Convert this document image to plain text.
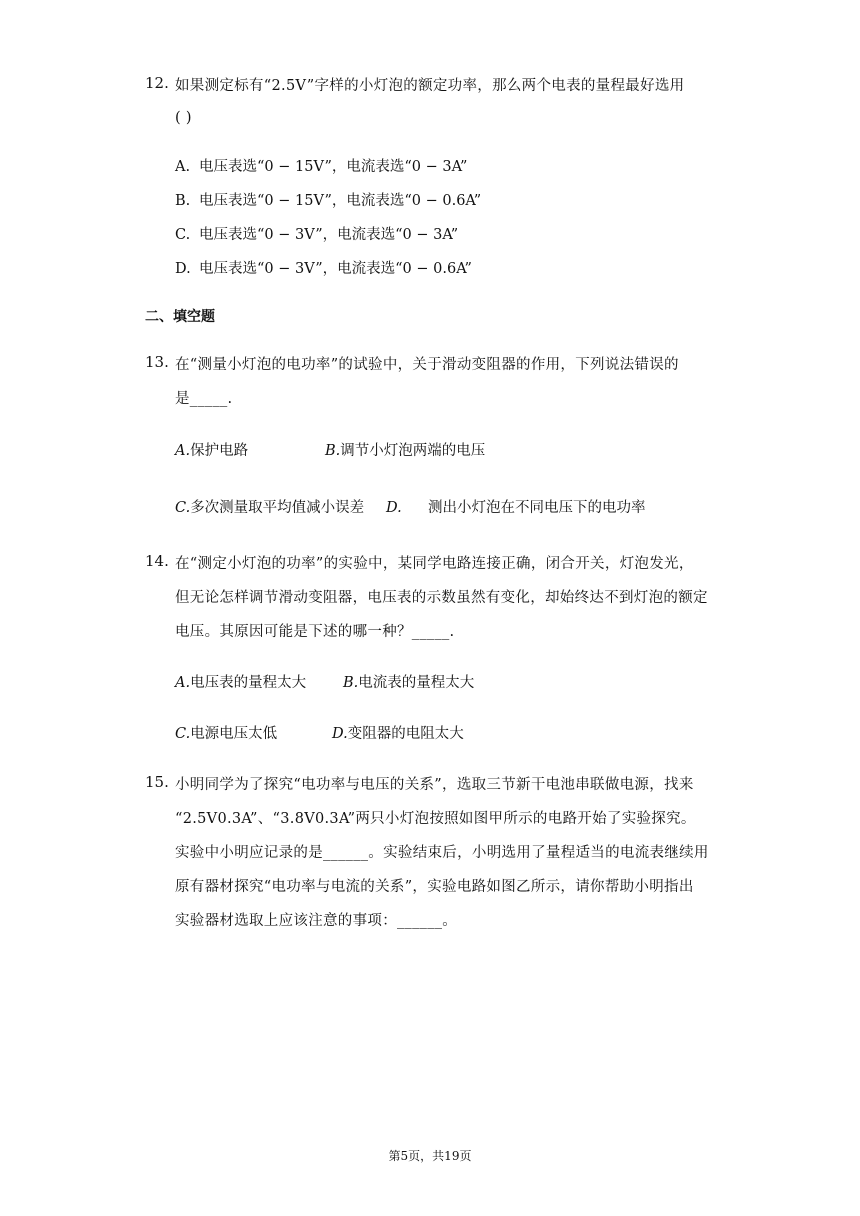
12. 如果测定标有“2.5V”字样的小灯泡的额定功率，那么两个电表的量程最好选用
( )
A. 电压表选“0 − 15V”，电流表选“0 − 3A”
B. 电压表选“0 − 15V”，电流表选“0 − 0.6A”
C. 电压表选“0 − 3V”，电流表选“0 − 3A”
D. 电压表选“0 − 3V”，电流表选“0 − 0.6A”
二、填空题
13. 在“测量小灯泡的电功率”的试验中，关于滑动变阻器的作用，下列说法错误的
是_____.
A.保护电路	B.调节小灯泡两端的电压
C.多次测量取平均值减小误差 D. 测出小灯泡在不同电压下的电功率
14. 在“测定小灯泡的功率”的实验中，某同学电路连接正确，闭合开关，灯泡发光，
但无论怎样调节滑动变阻器，电压表的示数虽然有变化，却始终达不到灯泡的额定
电压。其原因可能是下述的哪一种？_____.
A.电压表的量程太大	B.电流表的量程太大
C.电源电压太低	D.变阻器的电阻太大
15. 小明同学为了探究“电功率与电压的关系”，选取三节新干电池串联做电源，找来
“2.5V0.3A”、“3.8V0.3A”两只小灯泡按照如图甲所示的电路开始了实验探究。
实验中小明应记录的是______。实验结束后，小明选用了量程适当的电流表继续用
原有器材探究“电功率与电流的关系”，实验电路如图乙所示，请你帮助小明指出
实验器材选取上应该注意的事项：______。
第5页，共19页
